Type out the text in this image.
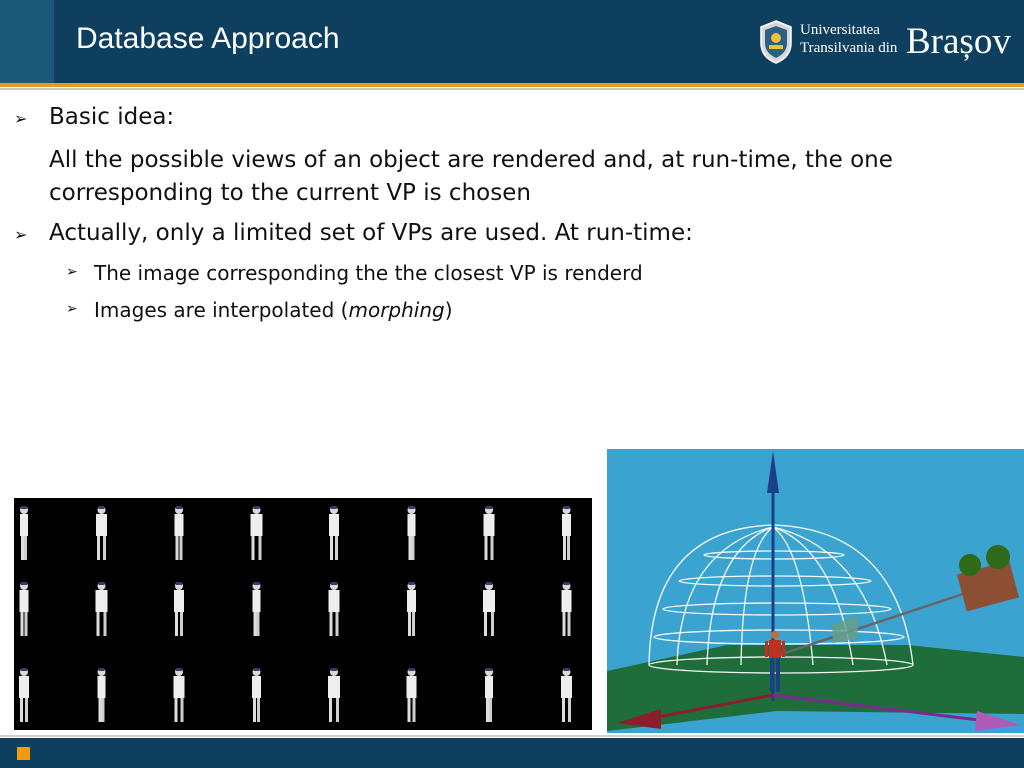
Database Approach	Universitatea
Transilvania din Brașov
➢ Basic idea:
All the possible views of an object are rendered and, at run-time, the one corresponding to the current VP is chosen
➢ Actually, only a limited set of VPs are used. At run-time:
➢ The image corresponding the the closest VP is renderd
➢ Images are interpolated (morphing)
